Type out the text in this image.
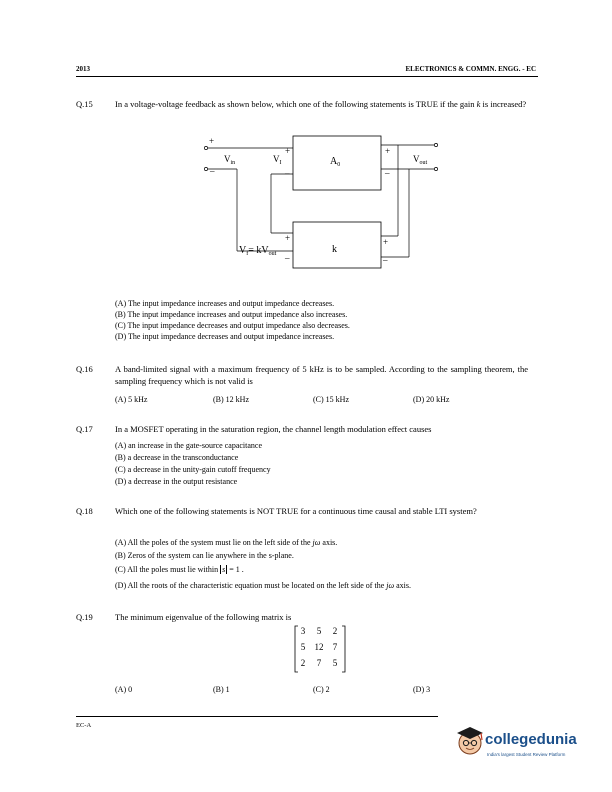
2013	ELECTRONICS & COMMN. ENGG. - EC
Q.15	In a voltage-voltage feedback as shown below, which one of the following statements is TRUE if the gain k is increased?
+
_
$V_{in}$	$V_I$
+
_
$A_0$
+
_
$V_{out}$
$V_f= kV_{out}$
+
_	k
+
_
(A) The input impedance increases and output impedance decreases.
(B) The input impedance increases and output impedance also increases.
(C) The input impedance decreases and output impedance also decreases.
(D) The input impedance decreases and output impedance increases.
Q.16	A band-limited signal with a maximum frequency of 5 kHz is to be sampled. According to the sampling theorem, the sampling frequency which is not valid is
(A) 5 kHz	(B) 12 kHz	(C) 15 kHz	(D) 20 kHz
Q.17	In a MOSFET operating in the saturation region, the channel length modulation effect causes
(A) an increase in the gate-source capacitance
(B) a decrease in the transconductance
(C) a decrease in the unity-gain cutoff frequency
(D) a decrease in the output resistance
Q.18	Which one of the following statements is NOT TRUE for a continuous time causal and stable LTI system?
(A) All the poles of the system must lie on the left side of the jω axis.
(B) Zeros of the system can lie anywhere in the s-plane.
(C) All the poles must lie within s = 1 .
(D) All the roots of the characteristic equation must be located on the left side of the jω axis.
Q.19	The minimum eigenvalue of the following matrix is
3	5	2
5	12	7
2	7	5
(A) 0	(B) 1	(C) 2	(D) 3
EC-A
collegedunia
India's largest Student Review Platform
